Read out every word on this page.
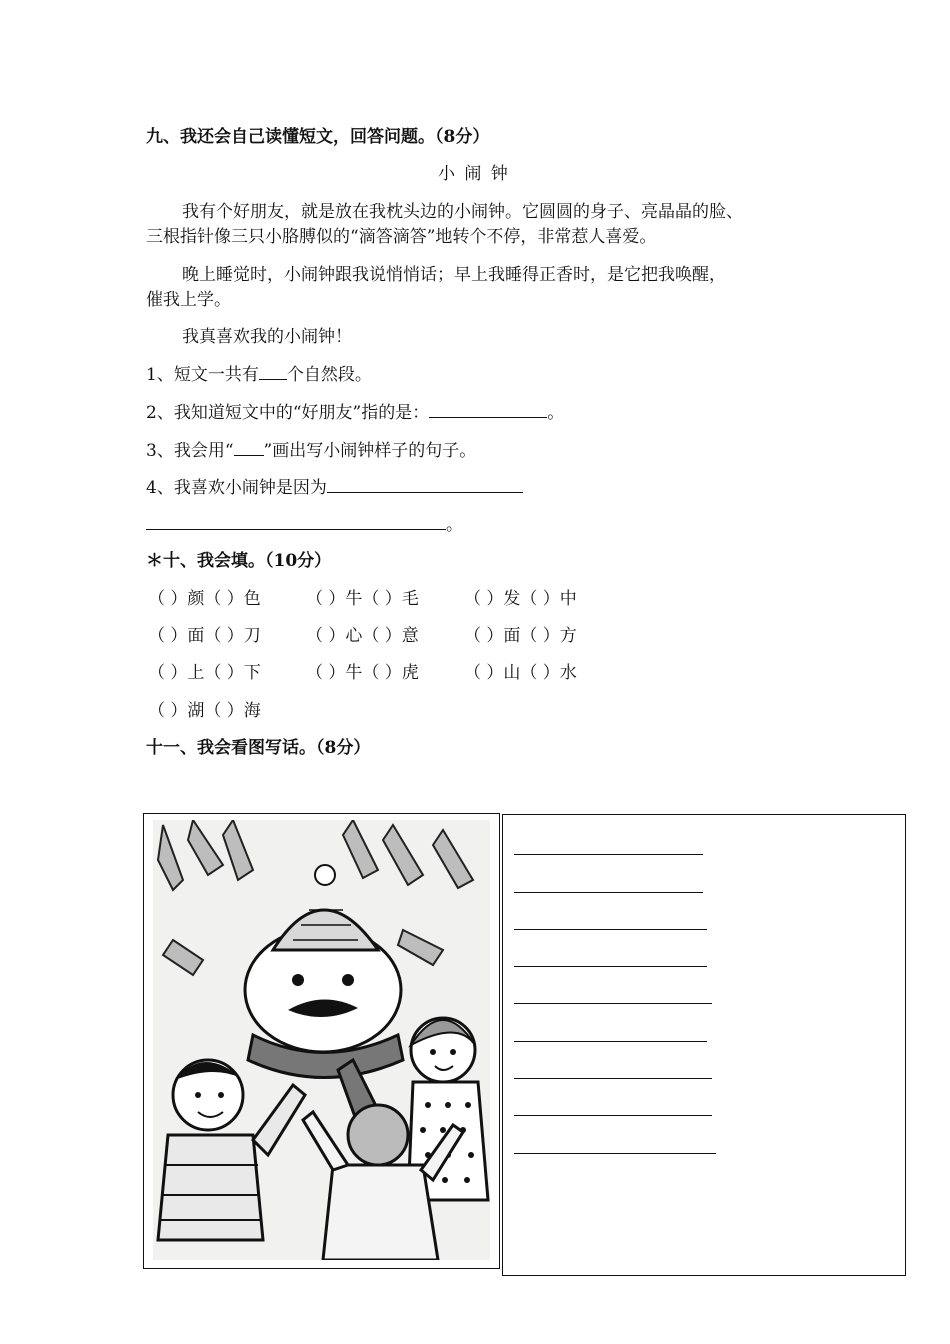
九、我还会自己读懂短文，回答问题。（8分）
小 闹 钟
我有个好朋友，就是放在我枕头边的小闹钟。它圆圆的身子、亮晶晶的脸、
三根指针像三只小胳膊似的“滴答滴答”地转个不停，非常惹人喜爱。
晚上睡觉时，小闹钟跟我说悄悄话；早上我睡得正香时，是它把我唤醒，
催我上学。
我真喜欢我的小闹钟！
1、短文一共有 个自然段。
2、我知道短文中的“好朋友”指的是：	。
3、我会用“ ”画出写小闹钟样子的句子。
4、我喜欢小闹钟是因为
。
＊十、我会填。（10分）
（ ）颜（ ）色	（ ）牛（ ）毛	（ ）发（ ）中
（ ）面（ ）刀	（ ）心（ ）意	（ ）面（ ）方
（ ）上（ ）下	（ ）牛（ ）虎	（ ）山（ ）水
（ ）湖（ ）海
十一、我会看图写话。（8分）
